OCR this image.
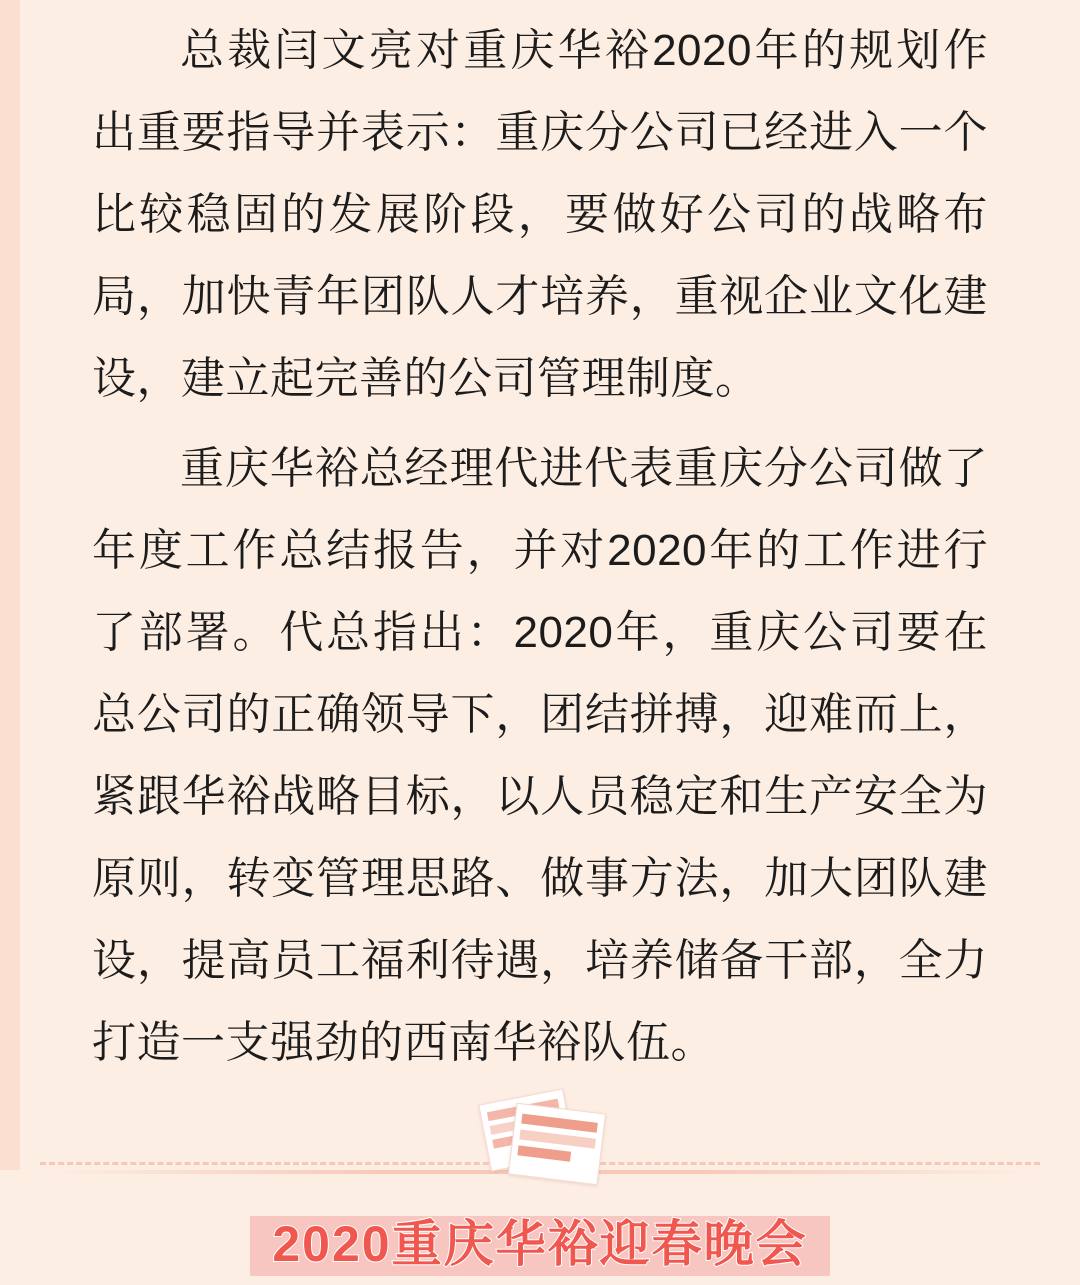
总裁闫文亮对重庆华裕2020年的规划作出重要指导并表示：重庆分公司已经进入一个比较稳固的发展阶段，要做好公司的战略布局，加快青年团队人才培养，重视企业文化建设，建立起完善的公司管理制度。

重庆华裕总经理代进代表重庆分公司做了年度工作总结报告，并对2020年的工作进行了部署。代总指出：2020年，重庆公司要在总公司的正确领导下，团结拼搏，迎难而上，紧跟华裕战略目标，以人员稳定和生产安全为原则，转变管理思路、做事方法，加大团队建设，提高员工福利待遇，培养储备干部，全力打造一支强劲的西南华裕队伍。

2020重庆华裕迎春晚会
